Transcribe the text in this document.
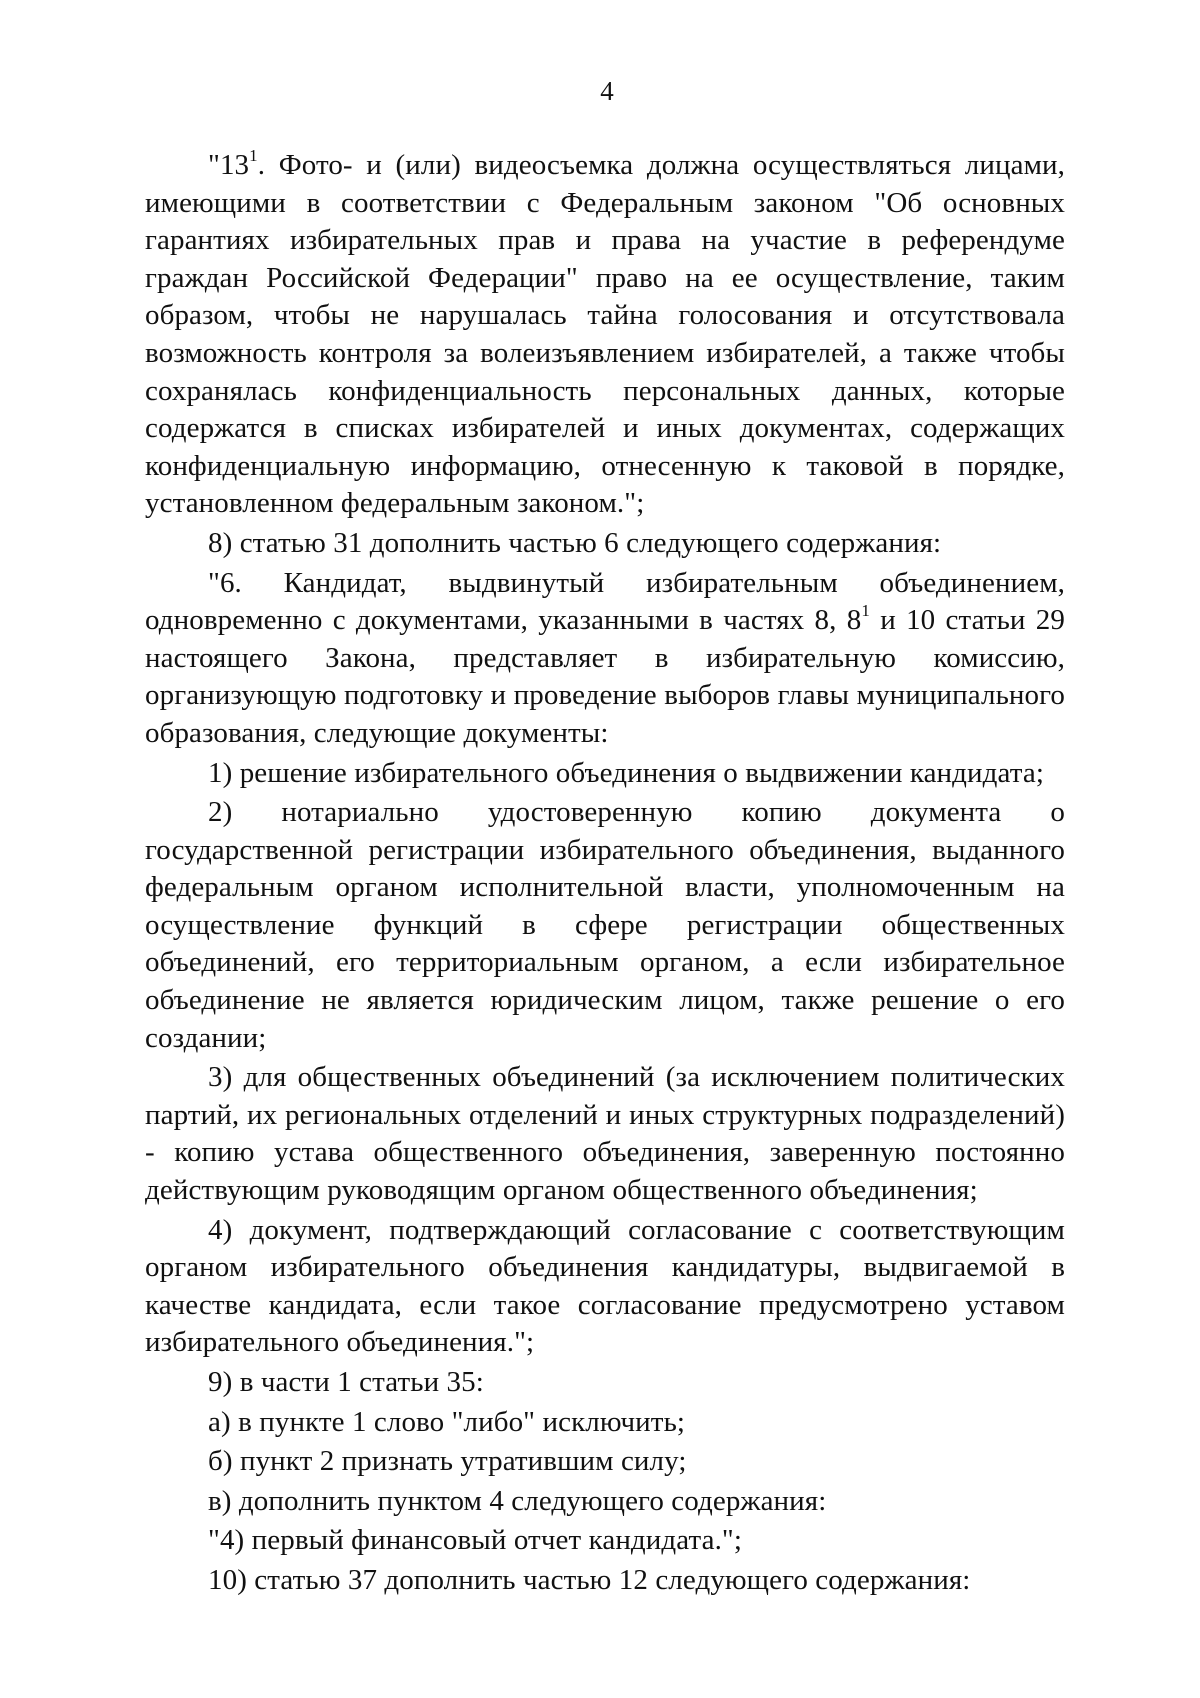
4

"$13^1$. Фото- и (или) видеосъемка должна осуществляться лицами, имеющими в соответствии с Федеральным законом "Об основных гарантиях избирательных прав и права на участие в референдуме граждан Российской Федерации" право на ее осуществление, таким образом, чтобы не нарушалась тайна голосования и отсутствовала возможность контроля за волеизъявлением избирателей, а также чтобы сохранялась конфиденциальность персональных данных, которые содержатся в списках избирателей и иных документах, содержащих конфиденциальную информацию, отнесенную к таковой в порядке, установленном федеральным законом.";

8) статью 31 дополнить частью 6 следующего содержания:

"6. Кандидат, выдвинутый избирательным объединением, одновременно с документами, указанными в частях 8, $8^1$ и 10 статьи 29 настоящего Закона, представляет в избирательную комиссию, организующую подготовку и проведение выборов главы муниципального образования, следующие документы:

1) решение избирательного объединения о выдвижении кандидата;

2) нотариально удостоверенную копию документа о государственной регистрации избирательного объединения, выданного федеральным органом исполнительной власти, уполномоченным на осуществление функций в сфере регистрации общественных объединений, его территориальным органом, а если избирательное объединение не является юридическим лицом, также решение о его создании;

3) для общественных объединений (за исключением политических партий, их региональных отделений и иных структурных подразделений) - копию устава общественного объединения, заверенную постоянно действующим руководящим органом общественного объединения;

4) документ, подтверждающий согласование с соответствующим органом избирательного объединения кандидатуры, выдвигаемой в качестве кандидата, если такое согласование предусмотрено уставом избирательного объединения.";

9) в части 1 статьи 35:

а) в пункте 1 слово "либо" исключить;

б) пункт 2 признать утратившим силу;

в) дополнить пунктом 4 следующего содержания:

"4) первый финансовый отчет кандидата.";

10) статью 37 дополнить частью 12 следующего содержания:
